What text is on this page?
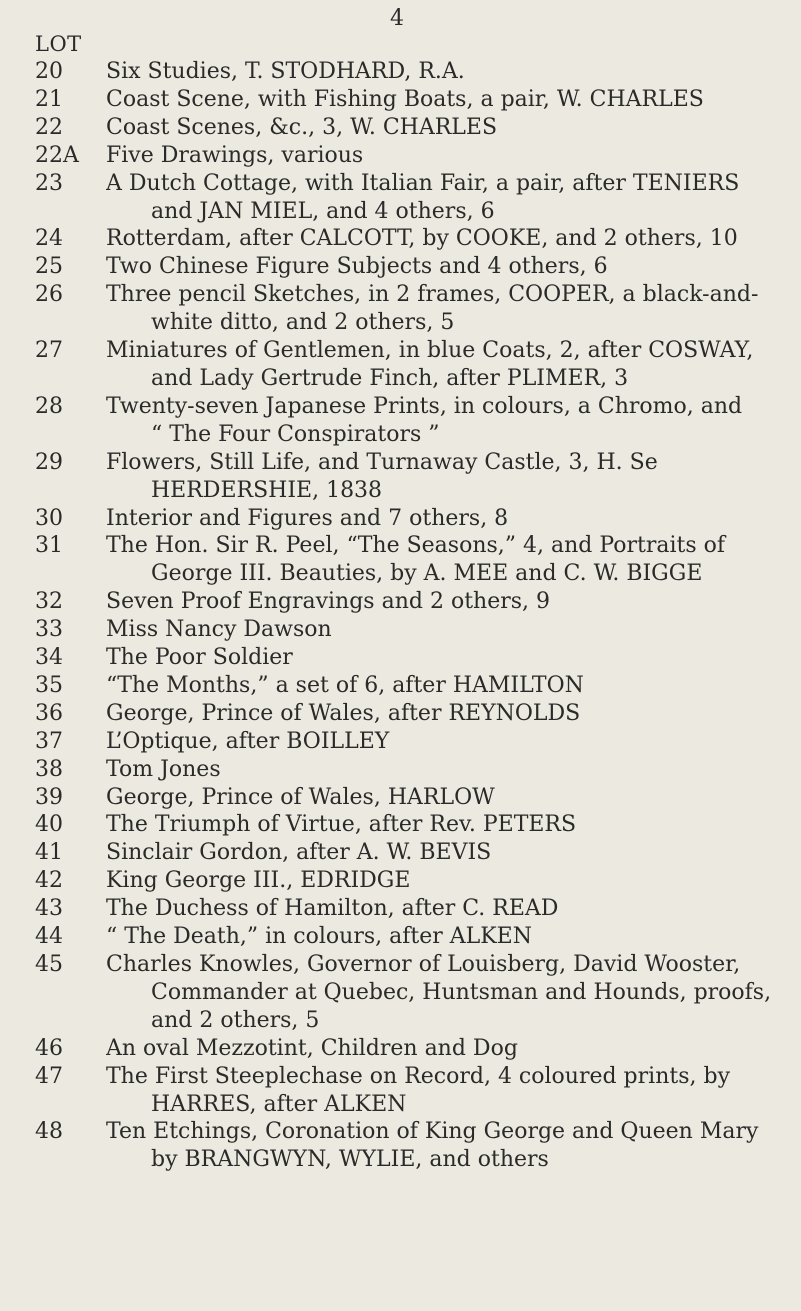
4
LOT
20 Six Studies, T. STODHARD, R.A.
21 Coast Scene, with Fishing Boats, a pair, W. CHARLES
22 Coast Scenes, &c., 3, W. CHARLES
22A Five Drawings, various
23 A Dutch Cottage, with Italian Fair, a pair, after TENIERS
and JAN MIEL, and 4 others, 6
24 Rotterdam, after CALCOTT, by COOKE, and 2 others, 10
25 Two Chinese Figure Subjects and 4 others, 6
26 Three pencil Sketches, in 2 frames, COOPER, a black-and-
white ditto, and 2 others, 5
27 Miniatures of Gentlemen, in blue Coats, 2, after COSWAY,
and Lady Gertrude Finch, after PLIMER, 3
28 Twenty-seven Japanese Prints, in colours, a Chromo, and
“ The Four Conspirators ”
29 Flowers, Still Life, and Turnaway Castle, 3, H. Se
HERDERSHIE, 1838
30 Interior and Figures and 7 others, 8
31 The Hon. Sir R. Peel, “The Seasons,” 4, and Portraits of
George III. Beauties, by A. MEE and C. W. BIGGE
32 Seven Proof Engravings and 2 others, 9
33 Miss Nancy Dawson
34 The Poor Soldier
35 “The Months,” a set of 6, after HAMILTON
36 George, Prince of Wales, after REYNOLDS
37 L’Optique, after BOILLEY
38 Tom Jones
39 George, Prince of Wales, HARLOW
40 The Triumph of Virtue, after Rev. PETERS
41 Sinclair Gordon, after A. W. BEVIS
42 King George III., EDRIDGE
43 The Duchess of Hamilton, after C. READ
44 “ The Death,” in colours, after ALKEN
45 Charles Knowles, Governor of Louisberg, David Wooster,
Commander at Quebec, Huntsman and Hounds, proofs,
and 2 others, 5
46 An oval Mezzotint, Children and Dog
47 The First Steeplechase on Record, 4 coloured prints, by
HARRES, after ALKEN
48 Ten Etchings, Coronation of King George and Queen Mary
by BRANGWYN, WYLIE, and others
